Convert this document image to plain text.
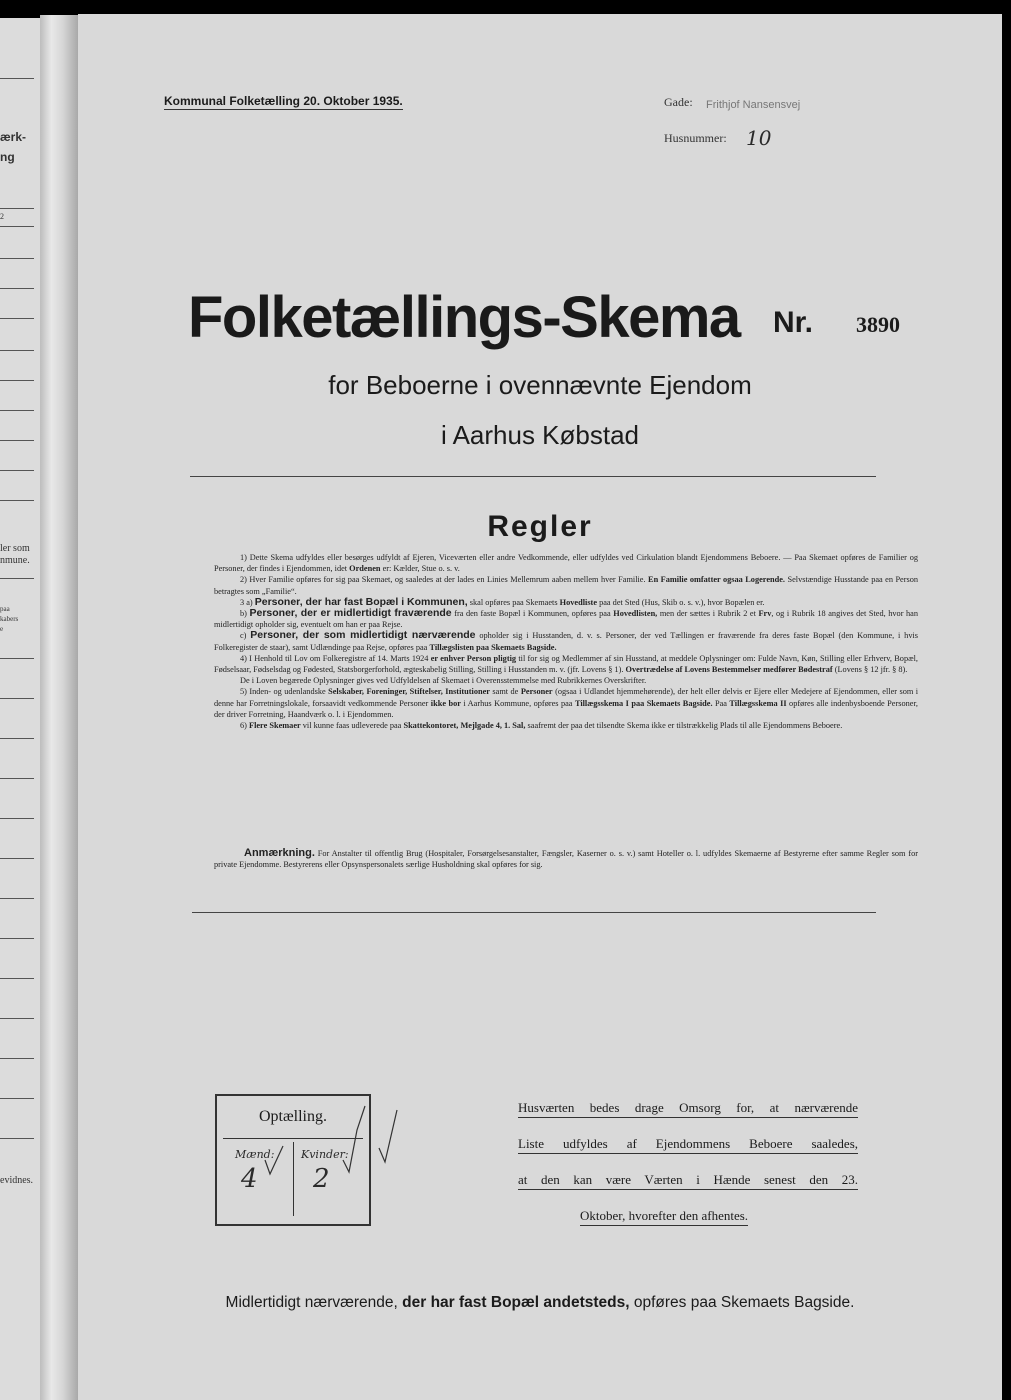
ærk-
ng
2
ler som
nmune.
paa
kabers
e
evidnes.
Kommunal Folketælling 20. Oktober 1935.	Gade: Frithjof Nansensvej
Husnummer: 10
Folketællings-Skema Nr. 3890
for Beboerne i ovennævnte Ejendom
i Aarhus Købstad
Regler

1) Dette Skema udfyldes eller besørges udfyldt af Ejeren, Viceværten eller andre Vedkommende, eller udfyldes ved Cirkulation blandt Ejendommens Beboere. — Paa Skemaet opføres de Familier og Personer, der findes i Ejendommen, idet Ordenen er: Kælder, Stue o. s. v.

2) Hver Familie opføres for sig paa Skemaet, og saaledes at der lades en Linies Mellemrum aaben mellem hver Familie. En Familie omfatter ogsaa Logerende. Selvstændige Husstande paa en Person betragtes som „Familie“.

3 a) Personer, der har fast Bopæl i Kommunen, skal opføres paa Skemaets Hovedliste paa det Sted (Hus, Skib o. s. v.), hvor Bopælen er.

b) Personer, der er midlertidigt fraværende fra den faste Bopæl i Kommunen, opføres paa Hovedlisten, men der sættes i Rubrik 2 et Frv, og i Rubrik 18 angives det Sted, hvor han midlertidigt opholder sig, eventuelt om han er paa Rejse.

c) Personer, der som midlertidigt nærværende opholder sig i Husstanden, d. v. s. Personer, der ved Tællingen er fraværende fra deres faste Bopæl (den Kommune, i hvis Folkeregister de staar), samt Udlændinge paa Rejse, opføres paa Tillægslisten paa Skemaets Bagside.

4) I Henhold til Lov om Folkeregistre af 14. Marts 1924 er enhver Person pligtig til for sig og Medlemmer af sin Husstand, at meddele Oplysninger om: Fulde Navn, Køn, Stilling eller Erhverv, Bopæl, Fødselsaar, Fødselsdag og Fødested, Statsborgerforhold, ægteskabelig Stilling, Stilling i Husstanden m. v. (jfr. Lovens § 1). Overtrædelse af Lovens Bestemmelser medfører Bødestraf (Lovens § 12 jfr. § 8).

De i Loven begærede Oplysninger gives ved Udfyldelsen af Skemaet i Overensstemmelse med Rubrikkernes Overskrifter.

5) Inden- og udenlandske Selskaber, Foreninger, Stiftelser, Institutioner samt de Personer (ogsaa i Udlandet hjemmehørende), der helt eller delvis er Ejere eller Medejere af Ejendommen, eller som i denne har Forretningslokale, forsaavidt vedkommende Personer ikke bor i Aarhus Kommune, opføres paa Tillægsskema I paa Skemaets Bagside. Paa Tillægsskema II opføres alle indenbysboende Personer, der driver Forretning, Haandværk o. l. i Ejendommen.

6) Flere Skemaer vil kunne faas udleverede paa Skattekontoret, Mejlgade 4, 1. Sal, saafremt der paa det tilsendte Skema ikke er tilstrækkelig Plads til alle Ejendommens Beboere.

Anmærkning. For Anstalter til offentlig Brug (Hospitaler, Forsørgelsesanstalter, Fængsler, Kaserner o. s. v.) samt Hoteller o. l. udfyldes Skemaerne af Bestyrerne efter samme Regler som for private Ejendomme. Bestyrerens eller Opsynspersonalets særlige Husholdning skal opføres for sig.
Optælling.
Mænd: Kvinder:
4 2
Husværten bedes drage Omsorg for, at nærværende
Liste udfyldes af Ejendommens Beboere saaledes,
at den kan være Værten i Hænde senest den 23.
Oktober, hvorefter den afhentes.
Midlertidigt nærværende, der har fast Bopæl andetsteds, opføres paa Skemaets Bagside.
